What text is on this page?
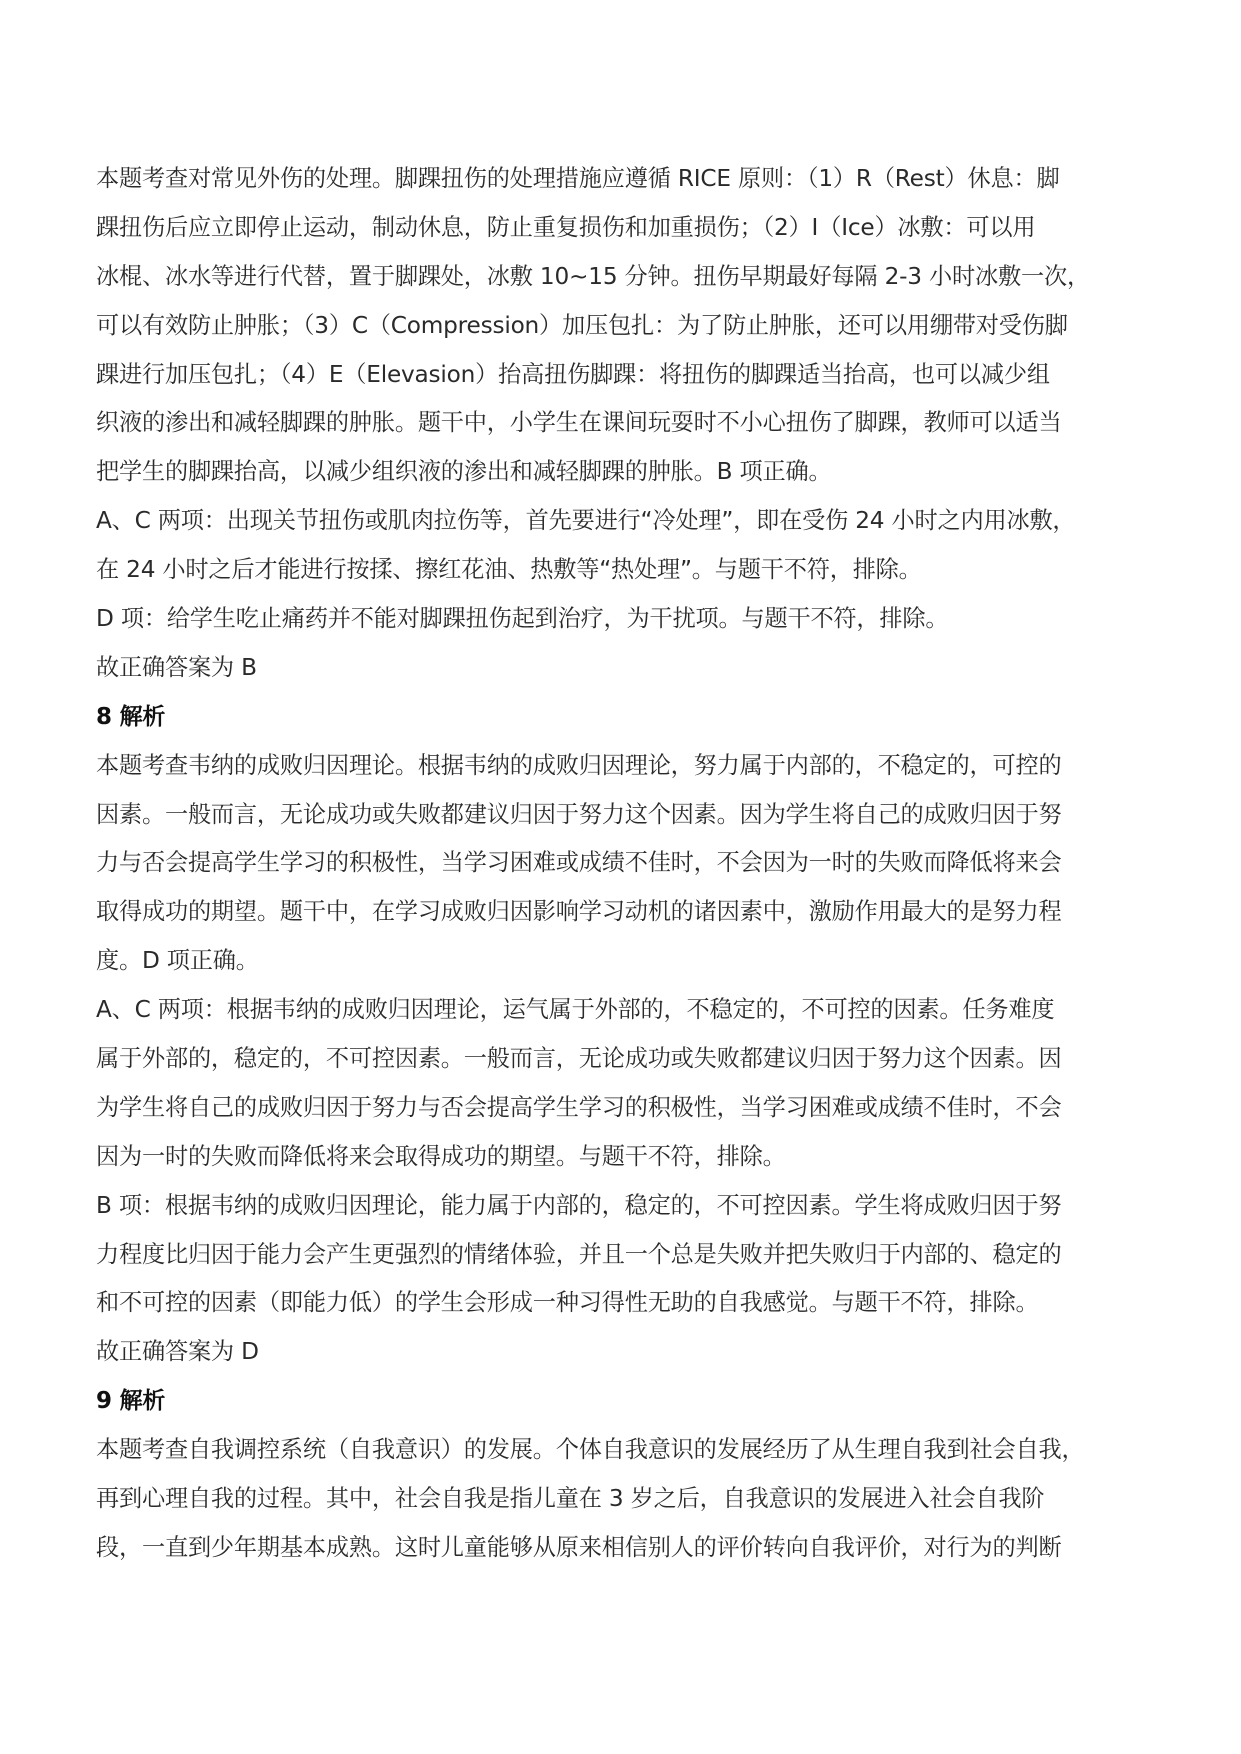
本题考查对常见外伤的处理。脚踝扭伤的处理措施应遵循 RICE 原则：（1）R（Rest）休息：脚
踝扭伤后应立即停止运动，制动休息，防止重复损伤和加重损伤；（2）I（Ice）冰敷：可以用
冰棍、冰水等进行代替，置于脚踝处，冰敷 10~15 分钟。扭伤早期最好每隔 2-3 小时冰敷一次，
可以有效防止肿胀；（3）C（Compression）加压包扎：为了防止肿胀，还可以用绷带对受伤脚
踝进行加压包扎；（4）E（Elevasion）抬高扭伤脚踝：将扭伤的脚踝适当抬高，也可以减少组
织液的渗出和减轻脚踝的肿胀。题干中，小学生在课间玩耍时不小心扭伤了脚踝，教师可以适当
把学生的脚踝抬高，以减少组织液的渗出和减轻脚踝的肿胀。B 项正确。
A、C 两项：出现关节扭伤或肌肉拉伤等，首先要进行“冷处理”，即在受伤 24 小时之内用冰敷，
在 24 小时之后才能进行按揉、擦红花油、热敷等“热处理”。与题干不符，排除。
D 项：给学生吃止痛药并不能对脚踝扭伤起到治疗，为干扰项。与题干不符，排除。
故正确答案为 B
8 解析
本题考查韦纳的成败归因理论。根据韦纳的成败归因理论，努力属于内部的，不稳定的，可控的
因素。一般而言，无论成功或失败都建议归因于努力这个因素。因为学生将自己的成败归因于努
力与否会提高学生学习的积极性，当学习困难或成绩不佳时，不会因为一时的失败而降低将来会
取得成功的期望。题干中，在学习成败归因影响学习动机的诸因素中，激励作用最大的是努力程
度。D 项正确。
A、C 两项：根据韦纳的成败归因理论，运气属于外部的，不稳定的，不可控的因素。任务难度
属于外部的，稳定的，不可控因素。一般而言，无论成功或失败都建议归因于努力这个因素。因
为学生将自己的成败归因于努力与否会提高学生学习的积极性，当学习困难或成绩不佳时，不会
因为一时的失败而降低将来会取得成功的期望。与题干不符，排除。
B 项：根据韦纳的成败归因理论，能力属于内部的，稳定的，不可控因素。学生将成败归因于努
力程度比归因于能力会产生更强烈的情绪体验，并且一个总是失败并把失败归于内部的、稳定的
和不可控的因素（即能力低）的学生会形成一种习得性无助的自我感觉。与题干不符，排除。
故正确答案为 D
9 解析
本题考查自我调控系统（自我意识）的发展。个体自我意识的发展经历了从生理自我到社会自我，
再到心理自我的过程。其中，社会自我是指儿童在 3 岁之后，自我意识的发展进入社会自我阶
段，一直到少年期基本成熟。这时儿童能够从原来相信别人的评价转向自我评价，对行为的判断
